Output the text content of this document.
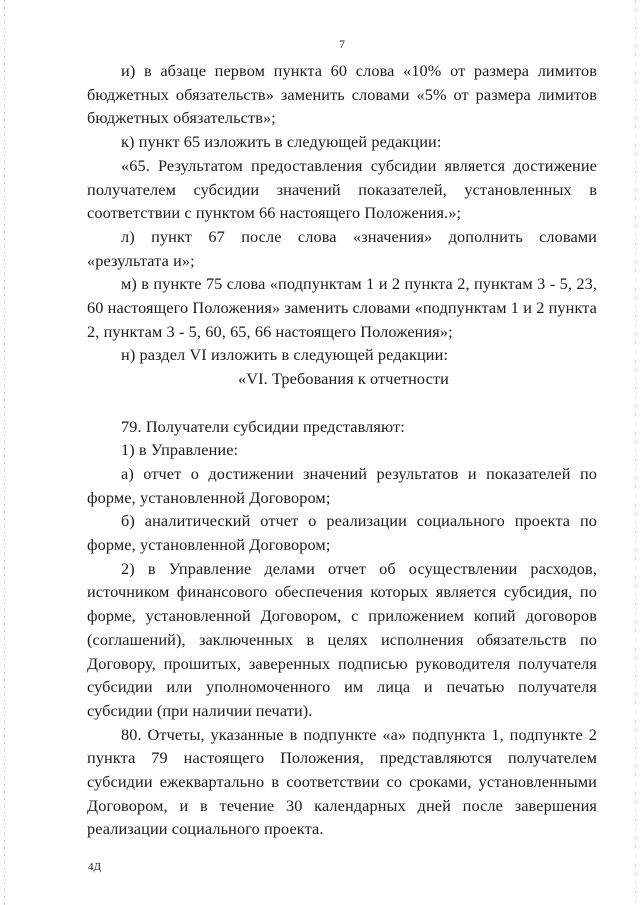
7

и) в абзаце первом пункта 60 слова «10% от размера лимитов бюджетных обязательств» заменить словами «5% от размера лимитов бюджетных обязательств»;

к) пункт 65 изложить в следующей редакции:

«65. Результатом предоставления субсидии является достижение получателем субсидии значений показателей, установленных в соответствии с пунктом 66 настоящего Положения.»;

л) пункт 67 после слова «значения» дополнить словами «результата и»;

м) в пункте 75 слова «подпунктам 1 и 2 пункта 2, пунктам 3 - 5, 23, 60 настоящего Положения» заменить словами «подпунктам 1 и 2 пункта 2, пунктам 3 - 5, 60, 65, 66 настоящего Положения»;

н) раздел VI изложить в следующей редакции:

«VI. Требования к отчетности

79. Получатели субсидии представляют:

1) в Управление:

а) отчет о достижении значений результатов и показателей по форме, установленной Договором;

б) аналитический отчет о реализации социального проекта по форме, установленной Договором;

2) в Управление делами отчет об осуществлении расходов, источником финансового обеспечения которых является субсидия, по форме, установленной Договором, с приложением копий договоров (соглашений), заключенных в целях исполнения обязательств по Договору, прошитых, заверенных подписью руководителя получателя субсидии или уполномоченного им лица и печатью получателя субсидии (при наличии печати).

80. Отчеты, указанные в подпункте «а» подпункта 1, подпункте 2 пункта 79 настоящего Положения, представляются получателем субсидии ежеквартально в соответствии со сроками, установленными Договором, и в течение 30 календарных дней после завершения реализации социального проекта.

4Д
